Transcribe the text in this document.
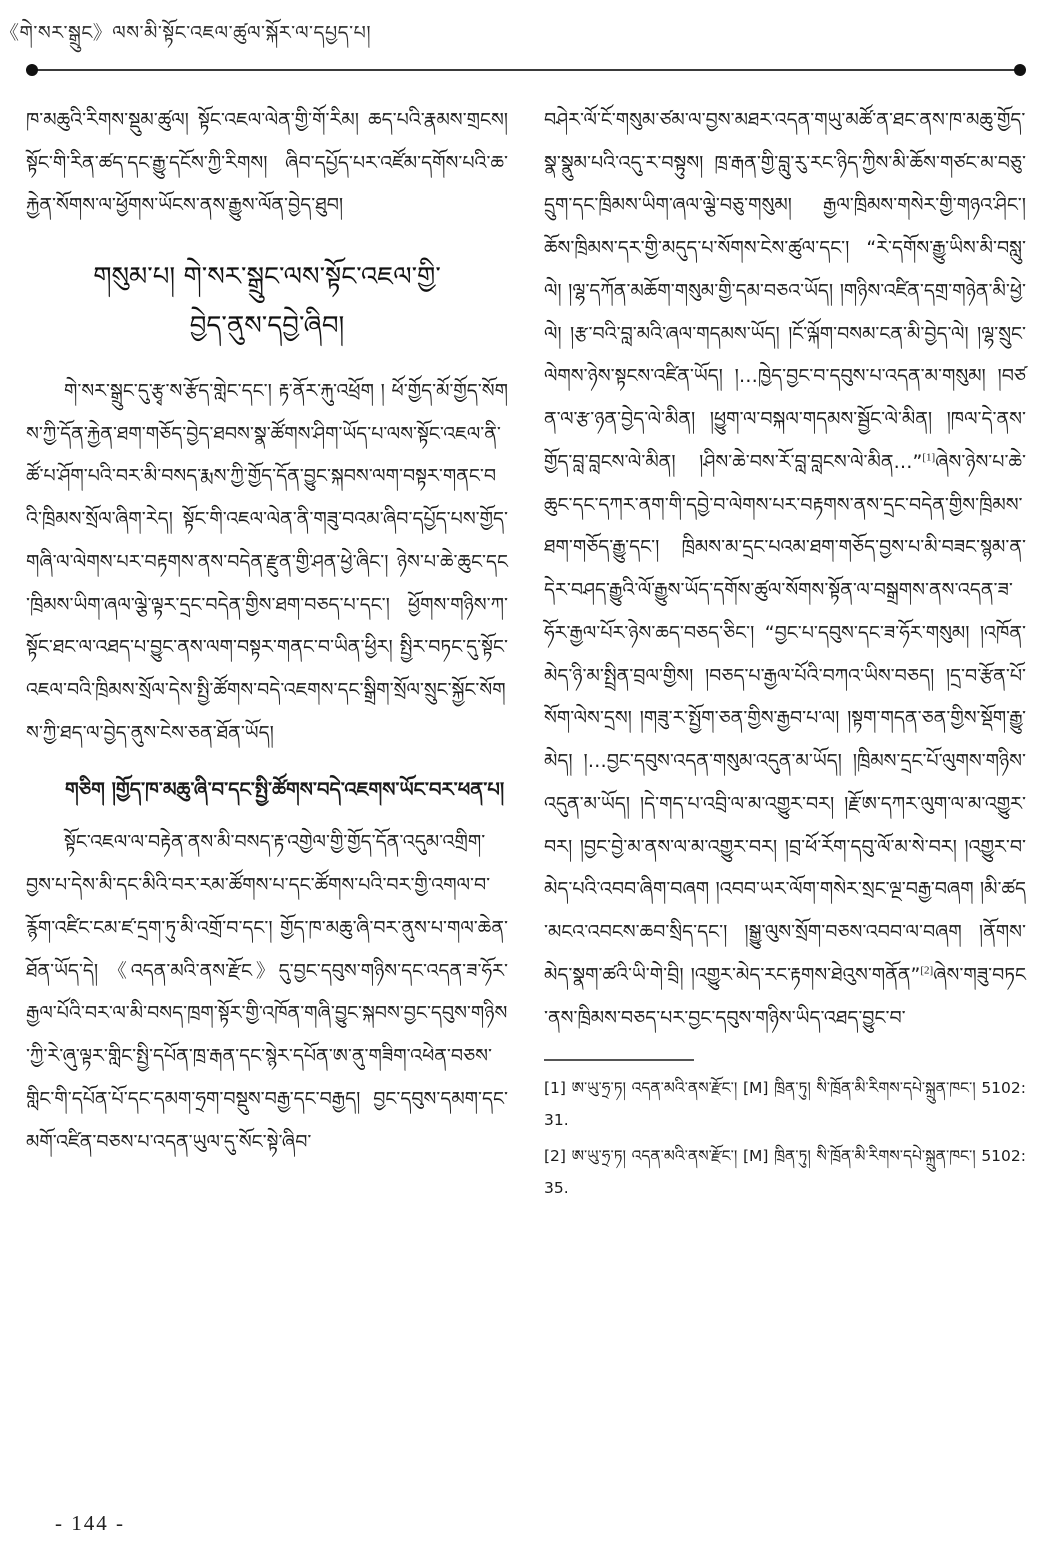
《གེ་སར་སྒྲུང》ལས་མི་སྟོང་འཇལ་ཚུལ་སྐོར་ལ་དཔྱད་པ།

ཁ་མཆུའི་རིགས་སྡུམ་ཚུལ། སྟོང་འཇལ་ལེན་གྱི་གོ་རིམ། ཆད་པའི་རྣམས་གྲངས། སྟོང་གི་རིན་ཚད་དང་རྒྱུ་དངོས་ཀྱི་རིགས། ཞིབ་དཔྱོད་པར་འཛོམ་དགོས་པའི་ཆ་རྐྱེན་སོགས་ལ་ཕྱོགས་ཡོངས་ནས་རྒྱུས་ལོན་བྱེད་ཐུབ།

གསུམ་པ། གེ་སར་སྒྲུང་ལས་སྟོང་འཇལ་གྱི་
བྱེད་ནུས་དབྱེ་ཞིབ།

གེ་སར་སྒྲུང་དུ་རྩྭ་ས་རྩོད་གླེང་དང་། རྟ་ནོར་རྐུ་འཕྲོག ། ཕོ་གྱོད་མོ་གྱོད་སོགས་ཀྱི་དོན་རྐྱེན་ཐག་གཅོད་བྱེད་ཐབས་སྣ་ཚོགས་ཤིག་ཡོད་པ་ལས་སྟོང་འཇལ་ནི་ཚོ་པ་ཤོག་པའི་བར་མི་བསད་རྨས་ཀྱི་གྱོད་དོན་བྱུང་སྐབས་ལག་བསྟར་གནང་བའི་ཁྲིམས་སྲོལ་ཞིག་རེད། སྟོང་གི་འཇལ་ལེན་ནི་གཟུ་བའམ་ཞིབ་དཔྱོད་པས་གྱོད་གཞི་ལ་ལེགས་པར་བརྟགས་ནས་བདེན་རྫུན་གྱི་ཤན་ཕྱེ་ཞིང་། ཉེས་པ་ཆེ་ཆུང་དང་ཁྲིམས་ཡིག་ཞལ་ལྕེ་ལྟར་དྲང་བདེན་གྱིས་ཐག་བཅད་པ་དང་། ཕྱོགས་གཉིས་ཀ་སྟོང་ཐང་ལ་འཐད་པ་བྱུང་ནས་ལག་བསྟར་གནང་བ་ཡིན་ཕྱིར། སྤྱིར་བཏང་དུ་སྟོང་འཇལ་བའི་ཁྲིམས་སྲོལ་དེས་སྤྱི་ཚོགས་བདེ་འཇགས་དང་སྒྲིག་སྲོལ་སྲུང་སྐྱོང་སོགས་ཀྱི་ཐད་ལ་བྱེད་ནུས་ངེས་ཅན་ཐོན་ཡོད།

གཅིག །གྱོད་ཁ་མཆུ་ཞི་བ་དང་སྤྱི་ཚོགས་བདེ་འཇགས་ཡོང་བར་ཕན་པ།

སྟོང་འཇལ་ལ་བརྟེན་ནས་མི་བསད་རྟ་འགྱེལ་གྱི་གྱོད་དོན་འདུམ་འགྲིག་བྱས་པ་དེས་མི་དང་མིའི་བར་རམ་ཚོགས་པ་དང་ཚོགས་པའི་བར་གྱི་འགལ་བ་རྙོག་འཛིང་ངམ་ཛ་དྲག་ཏུ་མི་འགྲོ་བ་དང་། གྱོད་ཁ་མཆུ་ཞི་བར་ནུས་པ་གལ་ཆེན་ཐོན་ཡོད་དེ། 《འདན་མའི་ནས་རྫོང》དུ་བྱང་དབུས་གཉིས་དང་འདན་ཟ་ཧོར་རྒྱལ་པོའི་བར་ལ་མི་བསད་ཁྲག་སྟོར་གྱི་འཁོན་གཞི་བྱུང་སྐབས་བྱང་དབུས་གཉིས་ཀྱི་རེ་ཞུ་ལྟར་གླིང་སྤྱི་དཔོན་ཁྲ་རྒན་དང་སྙེར་དཔོན་ཨ་ནུ་གཟིག་འཕེན་བཅས་གླིང་གི་དཔོན་པོ་དང་དམག་ཧྲག་བསྡུས་བརྒྱ་དང་བརྒྱད། བྱང་དབུས་དམག་དང་མགོ་འཛིན་བཅས་པ་འདན་ཡུལ་དུ་སོང་སྟེ་ཞིབ་

བཤེར་ལོ་ངོ་གསུམ་ཙམ་ལ་བྱས་མཐར་འདན་གཡུ་མཚོ་ན་ཐང་ནས་ཁ་མཆུ་གྱོད་སྣ་སྣུམ་པའི་འདུ་ར་བསྟུས། ཁྲ་རྒན་གྱི་བླུ་རུ་རང་ཉིད་ཀྱིས་མི་ཆོས་གཙང་མ་བཅུ་དྲུག་དང་ཁྲིམས་ཡིག་ཞལ་ལྕེ་བཅུ་གསུམ། རྒྱལ་ཁྲིམས་གསེར་གྱི་གཉའ་ཤིང་། ཆོས་ཁྲིམས་དར་གྱི་མདུད་པ་སོགས་ངེས་ཚུལ་དང་། “རེ་དགོས་རྒྱུ་ཡིས་མི་བསླུ་ལེ། །ལྷ་དཀོན་མཆོག་གསུམ་གྱི་དམ་བཅའ་ཡོད། །གཉིས་འཛིན་དགྲ་གཉེན་མི་ཕྱེ་ལེ། །རྩ་བའི་བླ་མའི་ཞལ་གདམས་ཡོད། །ངོ་ལྐོག་བསམ་ངན་མི་བྱེད་ལེ། །ལྷ་སྲུང་ལེགས་ཉེས་སྟངས་འཛིན་ཡོད། །…ཁྱེད་བྱང་བ་དབུས་པ་འདན་མ་གསུམ། །བཙན་ལ་རྩ་ཉན་བྱེད་ལེ་མིན། །ཕྱུག་ལ་བསྐལ་གདམས་སྦྱོང་ལེ་མིན། །ཁལ་དེ་ནས་གྱོད་བླ་བླངས་ལེ་མིན། །ཤིས་ཆེ་བས་རོ་བླ་བླངས་ལེ་མིན…”[1]ཞེས་ཉེས་པ་ཆེ་ཆུང་དང་དཀར་ནག་གི་དབྱེ་བ་ལེགས་པར་བརྟགས་ནས་དྲང་བདེན་གྱིས་ཁྲིམས་ཐག་གཅོད་རྒྱུ་དང་། ཁྲིམས་མ་དྲང་པའམ་ཐག་གཅོད་བྱས་པ་མི་བཟང་སྙམ་ན་དེར་བཤད་རྒྱུའི་ལོ་རྒྱུས་ཡོད་དགོས་ཚུལ་སོགས་སྟོན་ལ་བསྒྲགས་ནས་འདན་ཟ་ཧོར་རྒྱལ་པོར་ཉེས་ཆད་བཅད་ཅིང་། “བྱང་པ་དབུས་དང་ཟ་ཧོར་གསུམ། །འཁོན་མེད་ཉི་མ་སྤྲིན་བྲལ་གྱིས། །བཅད་པ་རྒྱལ་པོའི་བཀའ་ཡིས་བཅད། །དྲ་བ་རྩོན་པོ་སོག་ལེས་དྲས། །གཟུ་ར་སྤྱོག་ཅན་གྱིས་རྒྱབ་པ་ལ། །སྟག་གདན་ཅན་གྱིས་སྡོག་རྒྱུ་མེད། །…བྱང་དབུས་འདན་གསུམ་འདུན་མ་ཡོད། །ཁྲིམས་དྲང་པོ་ལུགས་གཉིས་འདུན་མ་ཡོད། །དེ་གད་པ་འབྲི་ལ་མ་འགྱུར་བར། །རྗོ་ཨ་དཀར་ལུག་ལ་མ་འགྱུར་བར། །བྱང་བྱེ་མ་ནས་ལ་མ་འགྱུར་བར། །བྲ་ཕོ་རོག་དབུ་ལོ་མ་སེ་བར། །འགྱུར་བ་མེད་པའི་འབབ་ཞིག་བཞག །འབབ་ཡར་ལོག་གསེར་སྲང་ལྔ་བརྒྱ་བཞག །མི་ཚད་མངའ་འབངས་ཆབ་སྲིད་དང་། །སྒྱུ་ལུས་སྲོག་བཅས་འབབ་ལ་བཞག །ནོགས་མེད་སྣག་ཚའི་ཡི་གེ་བྲི། །འགྱུར་མེད་རང་རྟགས་ཐེའུས་གནོན”[2]ཞེས་གཟུ་བཏང་ནས་ཁྲིམས་བཅད་པར་བྱང་དབུས་གཉིས་ཡིད་འཐད་བྱུང་བ་

[1] ཨ་ཡུ་ཧྲ་ཏ། འདན་མའི་ནས་རྫོང་། [M] ཁྲིན་ཏུ། སི་ཁྲོན་མི་རིགས་དཔེ་སྐྲུན་ཁང་། 5102:31.

[2] ཨ་ཡུ་ཧྲ་ཏ། འདན་མའི་ནས་རྫོང་། [M] ཁྲིན་ཏུ། སི་ཁྲོན་མི་རིགས་དཔེ་སྐྲུན་ཁང་། 5102:35.

- 144 -
